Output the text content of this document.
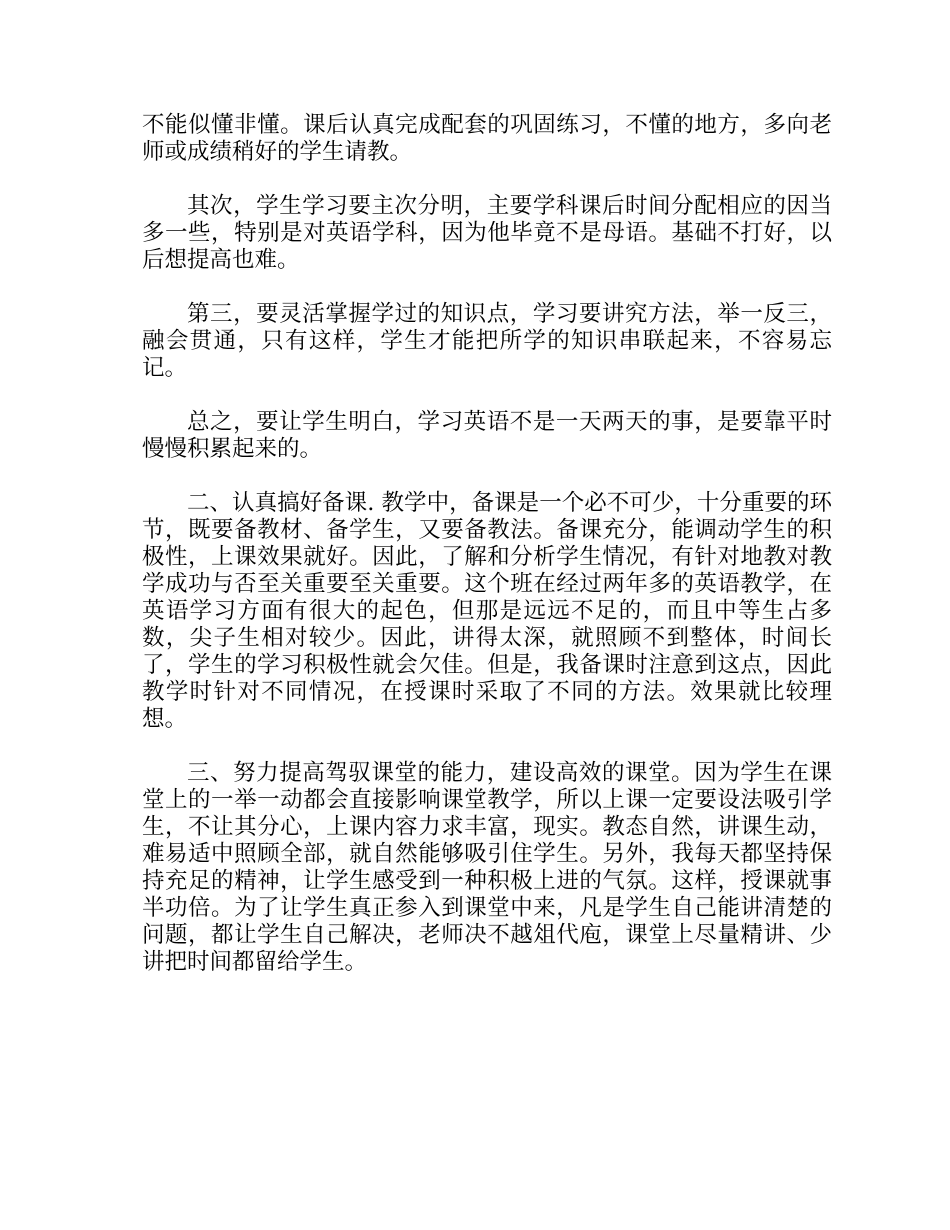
不能似懂非懂。课后认真完成配套的巩固练习，不懂的地方，多向老师或成绩稍好的学生请教。

其次，学生学习要主次分明，主要学科课后时间分配相应的因当多一些，特别是对英语学科，因为他毕竟不是母语。基础不打好，以后想提高也难。

第三，要灵活掌握学过的知识点，学习要讲究方法，举一反三，融会贯通，只有这样，学生才能把所学的知识串联起来，不容易忘记。

总之，要让学生明白，学习英语不是一天两天的事，是要靠平时慢慢积累起来的。

二、认真搞好备课. 教学中，备课是一个必不可少，十分重要的环节，既要备教材、备学生，又要备教法。备课充分，能调动学生的积极性，上课效果就好。因此，了解和分析学生情况，有针对地教对教学成功与否至关重要至关重要。这个班在经过两年多的英语教学，在英语学习方面有很大的起色，但那是远远不足的，而且中等生占多数，尖子生相对较少。因此，讲得太深，就照顾不到整体，时间长了，学生的学习积极性就会欠佳。但是，我备课时注意到这点，因此教学时针对不同情况，在授课时采取了不同的方法。效果就比较理想。

三、努力提高驾驭课堂的能力，建设高效的课堂。因为学生在课堂上的一举一动都会直接影响课堂教学，所以上课一定要设法吸引学生，不让其分心，上课内容力求丰富，现实。教态自然，讲课生动，难易适中照顾全部，就自然能够吸引住学生。另外，我每天都坚持保持充足的精神，让学生感受到一种积极上进的气氛。这样，授课就事半功倍。为了让学生真正参入到课堂中来，凡是学生自己能讲清楚的问题，都让学生自己解决，老师决不越俎代庖，课堂上尽量精讲、少讲把时间都留给学生。
